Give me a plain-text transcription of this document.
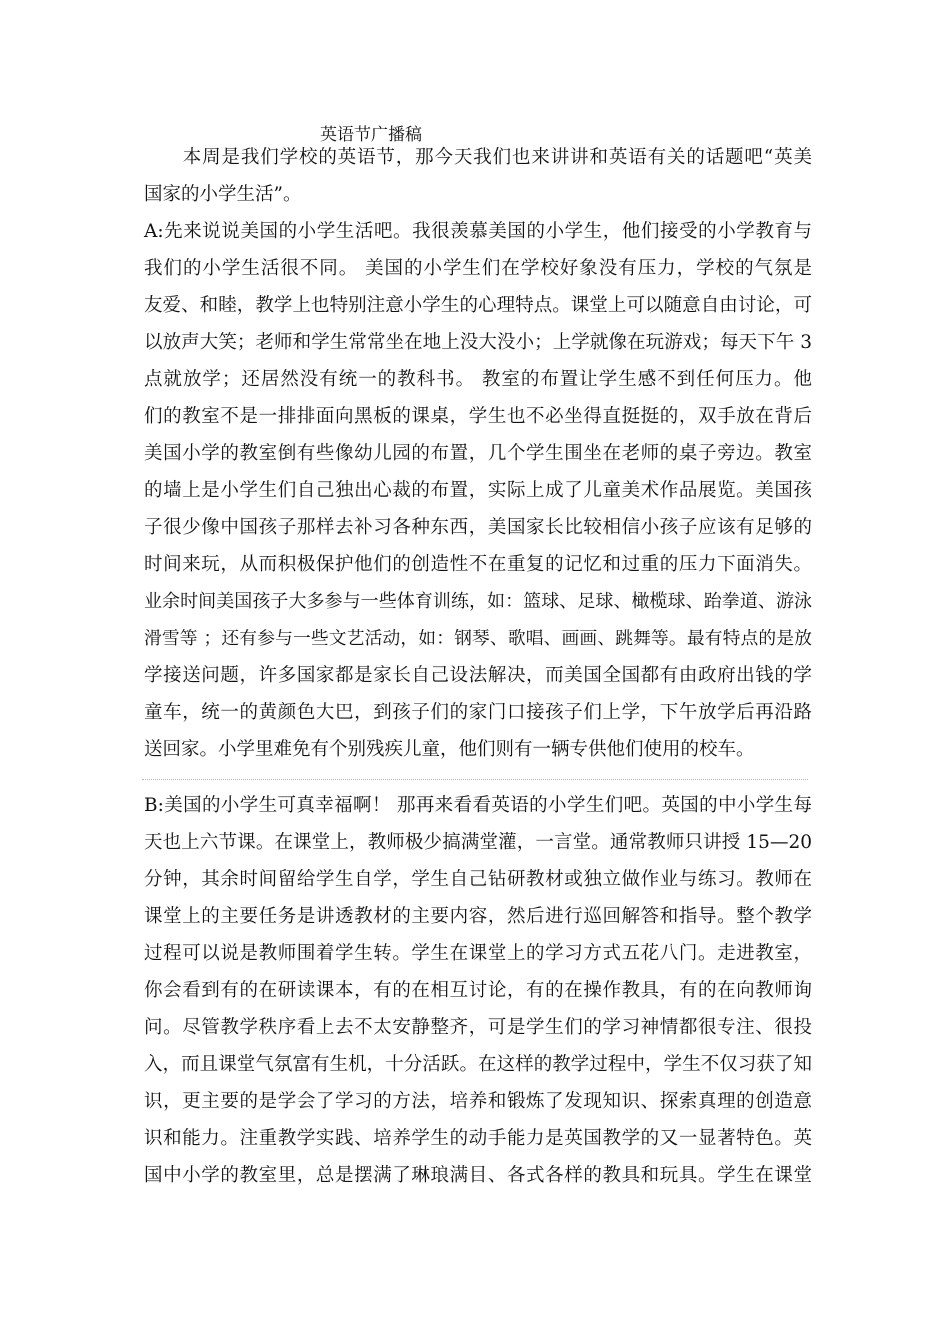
英语节广播稿
　　本周是我们学校的英语节，那今天我们也来讲讲和英语有关的话题吧“英美
国家的小学生活”。
A:先来说说美国的小学生活吧。我很羡慕美国的小学生，他们接受的小学教育与
我们的小学生活很不同。 美国的小学生们在学校好象没有压力，学校的气氛是
友爱、和睦，教学上也特别注意小学生的心理特点。课堂上可以随意自由讨论，可
以放声大笑；老师和学生常常坐在地上没大没小；上学就像在玩游戏；每天下午 3
点就放学；还居然没有统一的教科书。 教室的布置让学生感不到任何压力。他
们的教室不是一排排面向黑板的课桌，学生也不必坐得直挺挺的，双手放在背后
美国小学的教室倒有些像幼儿园的布置，几个学生围坐在老师的桌子旁边。教室
的墙上是小学生们自己独出心裁的布置，实际上成了儿童美术作品展览。美国孩
子很少像中国孩子那样去补习各种东西，美国家长比较相信小孩子应该有足够的
时间来玩，从而积极保护他们的创造性不在重复的记忆和过重的压力下面消失。
业余时间美国孩子大多参与一些体育训练，如：篮球、足球、橄榄球、跆拳道、游泳
滑雪等 ；还有参与一些文艺活动，如：钢琴、歌唱、画画、跳舞等。最有特点的是放
学接送问题，许多国家都是家长自己设法解决，而美国全国都有由政府出钱的学
童车，统一的黄颜色大巴，到孩子们的家门口接孩子们上学，下午放学后再沿路
送回家。小学里难免有个别残疾儿童，他们则有一辆专供他们使用的校车。
B:美国的小学生可真幸福啊！ 那再来看看英语的小学生们吧。英国的中小学生每
天也上六节课。在课堂上，教师极少搞满堂灌，一言堂。通常教师只讲授 15—20
分钟，其余时间留给学生自学，学生自己钻研教材或独立做作业与练习。教师在
课堂上的主要任务是讲透教材的主要内容，然后进行巡回解答和指导。整个教学
过程可以说是教师围着学生转。学生在课堂上的学习方式五花八门。走进教室，
你会看到有的在研读课本，有的在相互讨论，有的在操作教具，有的在向教师询
问。尽管教学秩序看上去不太安静整齐，可是学生们的学习神情都很专注、很投
入，而且课堂气氛富有生机，十分活跃。在这样的教学过程中，学生不仅习获了知
识，更主要的是学会了学习的方法，培养和锻炼了发现知识、探索真理的创造意
识和能力。注重教学实践、培养学生的动手能力是英国教学的又一显著特色。英
国中小学的教室里，总是摆满了琳琅满目、各式各样的教具和玩具。学生在课堂
